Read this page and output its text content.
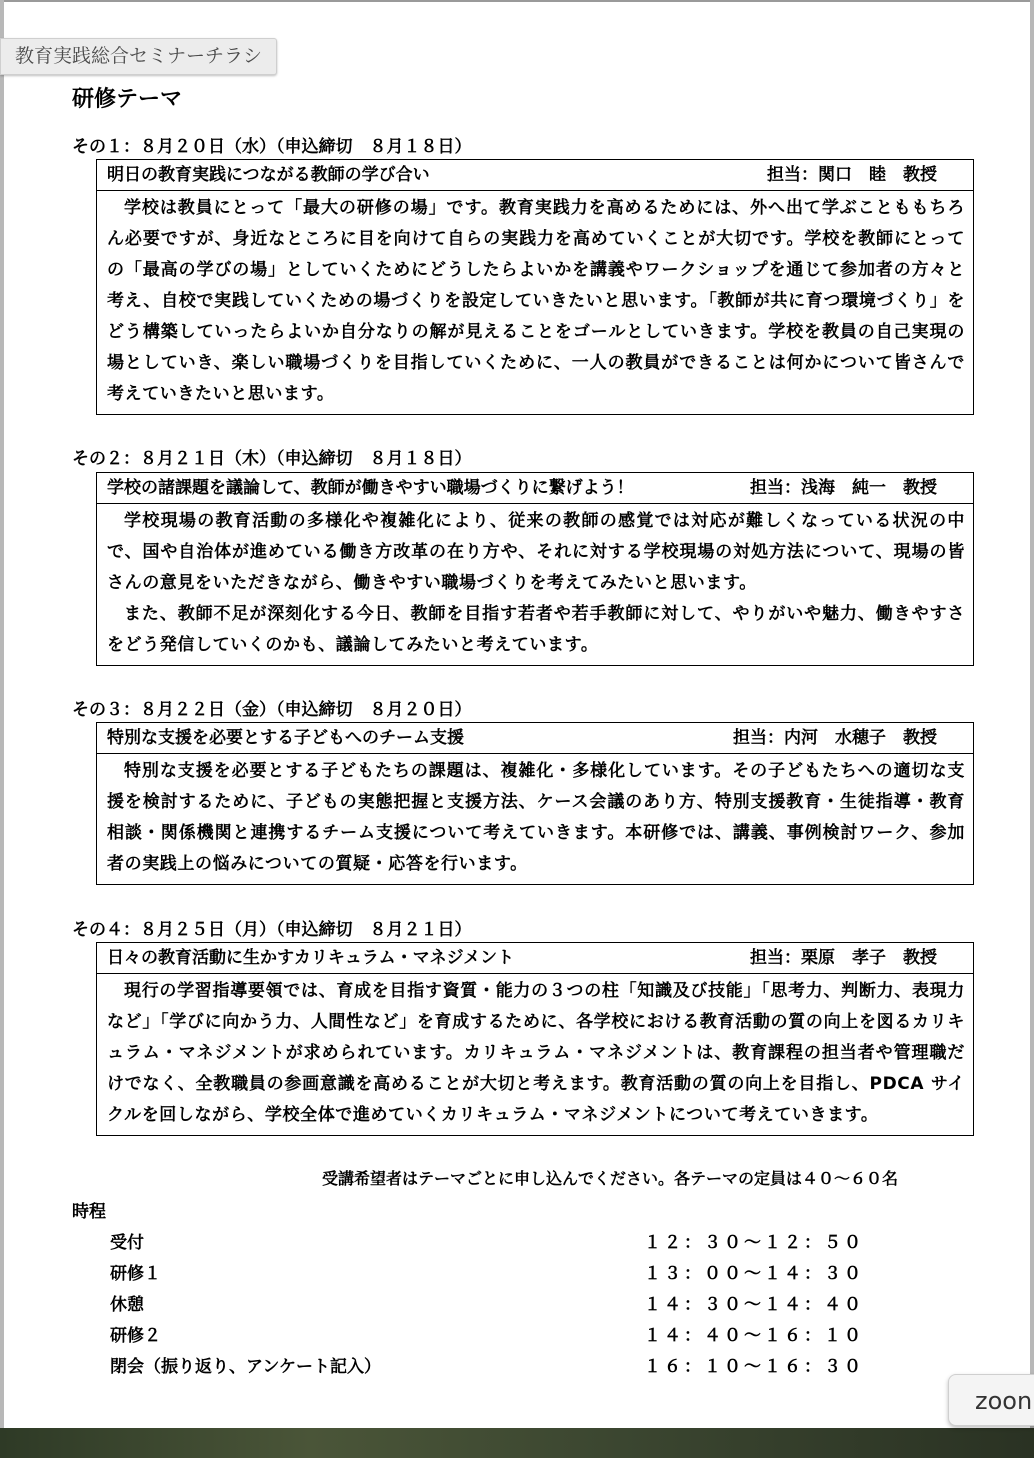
研修テーマ
その１：８月２０日（水）（申込締切　８月１８日）
明日の教育実践につながる教師の学び合い	担当：関口　睦　教授

学校は教員にとって「最大の研修の場」です。教育実践力を高めるためには、外へ出て学ぶことももちろん必要ですが、身近なところに目を向けて自らの実践力を高めていくことが大切です。学校を教師にとっての「最高の学びの場」としていくためにどうしたらよいかを講義やワークショップを通じて参加者の方々と考え、自校で実践していくための場づくりを設定していきたいと思います。「教師が共に育つ環境づくり」をどう構築していったらよいか自分なりの解が見えることをゴールとしていきます。学校を教員の自己実現の場としていき、楽しい職場づくりを目指していくために、一人の教員ができることは何かについて皆さんで考えていきたいと思います。

その２：８月２１日（木）（申込締切　８月１８日）
学校の諸課題を議論して、教師が働きやすい職場づくりに繋げよう！	担当：浅海　純一　教授

学校現場の教育活動の多様化や複雑化により、従来の教師の感覚では対応が難しくなっている状況の中で、国や自治体が進めている働き方改革の在り方や、それに対する学校現場の対処方法について、現場の皆さんの意見をいただきながら、働きやすい職場づくりを考えてみたいと思います。

また、教師不足が深刻化する今日、教師を目指す若者や若手教師に対して、やりがいや魅力、働きやすさをどう発信していくのかも、議論してみたいと考えています。

その３：８月２２日（金）（申込締切　８月２０日）
特別な支援を必要とする子どもへのチーム支援	担当：内河　水穂子　教授

特別な支援を必要とする子どもたちの課題は、複雑化・多様化しています。その子どもたちへの適切な支援を検討するために、子どもの実態把握と支援方法、ケース会議のあり方、特別支援教育・生徒指導・教育相談・関係機関と連携するチーム支援について考えていきます。本研修では、講義、事例検討ワーク、参加者の実践上の悩みについての質疑・応答を行います。

その４：８月２５日（月）（申込締切　８月２１日）
日々の教育活動に生かすカリキュラム・マネジメント	担当：栗原　孝子　教授

現行の学習指導要領では、育成を目指す資質・能力の３つの柱「知識及び技能」「思考力、判断力、表現力など」「学びに向かう力、人間性など」を育成するために、各学校における教育活動の質の向上を図るカリキュラム・マネジメントが求められています。カリキュラム・マネジメントは、教育課程の担当者や管理職だけでなく、全教職員の参画意識を高めることが大切と考えます。教育活動の質の向上を目指し、PDCA サイクルを回しながら、学校全体で進めていくカリキュラム・マネジメントについて考えていきます。

受講希望者はテーマごとに申し込んでください。各テーマの定員は４０～６０名
時程
受付	１２：３０～１２：５０
研修１	１３：００～１４：３０
休憩	１４：３０～１４：４０
研修２	１４：４０～１６：１０
閉会（振り返り、アンケート記入）	１６：１０～１６：３０
教育実践総合セミナーチラシ
zoon
